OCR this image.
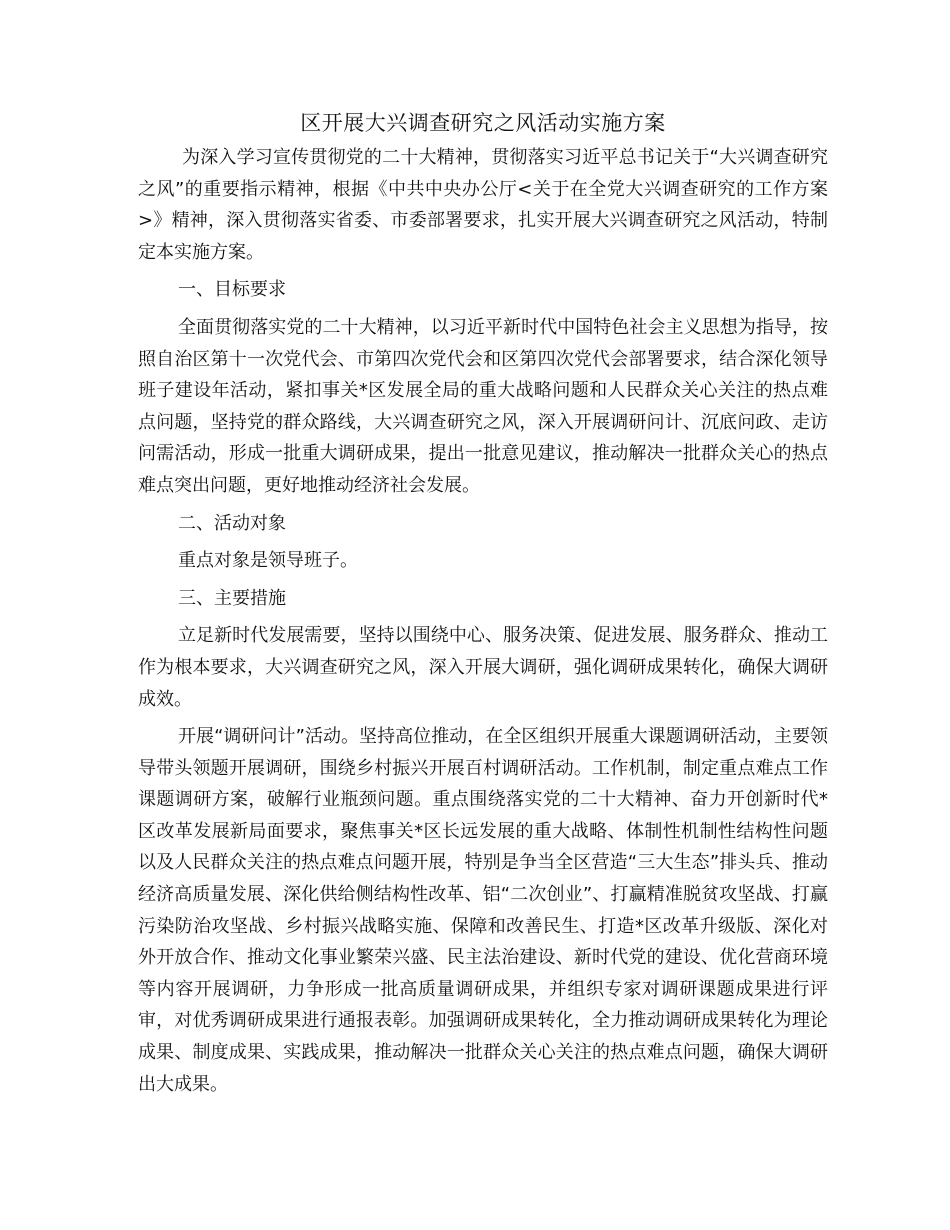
区开展大兴调查研究之风活动实施方案

为深入学习宣传贯彻党的二十大精神，贯彻落实习近平总书记关于“大兴调查研究之风”的重要指示精神，根据《中共中央办公厅<关于在全党大兴调查研究的工作方案>》精神，深入贯彻落实省委、市委部署要求，扎实开展大兴调查研究之风活动，特制定本实施方案。

一、目标要求

全面贯彻落实党的二十大精神，以习近平新时代中国特色社会主义思想为指导，按照自治区第十一次党代会、市第四次党代会和区第四次党代会部署要求，结合深化领导班子建设年活动，紧扣事关*区发展全局的重大战略问题和人民群众关心关注的热点难点问题，坚持党的群众路线，大兴调查研究之风，深入开展调研问计、沉底问政、走访问需活动，形成一批重大调研成果，提出一批意见建议，推动解决一批群众关心的热点难点突出问题，更好地推动经济社会发展。

二、活动对象

重点对象是领导班子。

三、主要措施

立足新时代发展需要，坚持以围绕中心、服务决策、促进发展、服务群众、推动工作为根本要求，大兴调查研究之风，深入开展大调研，强化调研成果转化，确保大调研成效。

开展“调研问计”活动。坚持高位推动，在全区组织开展重大课题调研活动，主要领导带头领题开展调研，围绕乡村振兴开展百村调研活动。工作机制，制定重点难点工作课题调研方案，破解行业瓶颈问题。重点围绕落实党的二十大精神、奋力开创新时代*区改革发展新局面要求，聚焦事关*区长远发展的重大战略、体制性机制性结构性问题以及人民群众关注的热点难点问题开展，特别是争当全区营造“三大生态”排头兵、推动经济高质量发展、深化供给侧结构性改革、铝“二次创业”、打赢精准脱贫攻坚战、打赢污染防治攻坚战、乡村振兴战略实施、保障和改善民生、打造*区改革升级版、深化对外开放合作、推动文化事业繁荣兴盛、民主法治建设、新时代党的建设、优化营商环境等内容开展调研，力争形成一批高质量调研成果，并组织专家对调研课题成果进行评审，对优秀调研成果进行通报表彰。加强调研成果转化，全力推动调研成果转化为理论成果、制度成果、实践成果，推动解决一批群众关心关注的热点难点问题，确保大调研出大成果。
